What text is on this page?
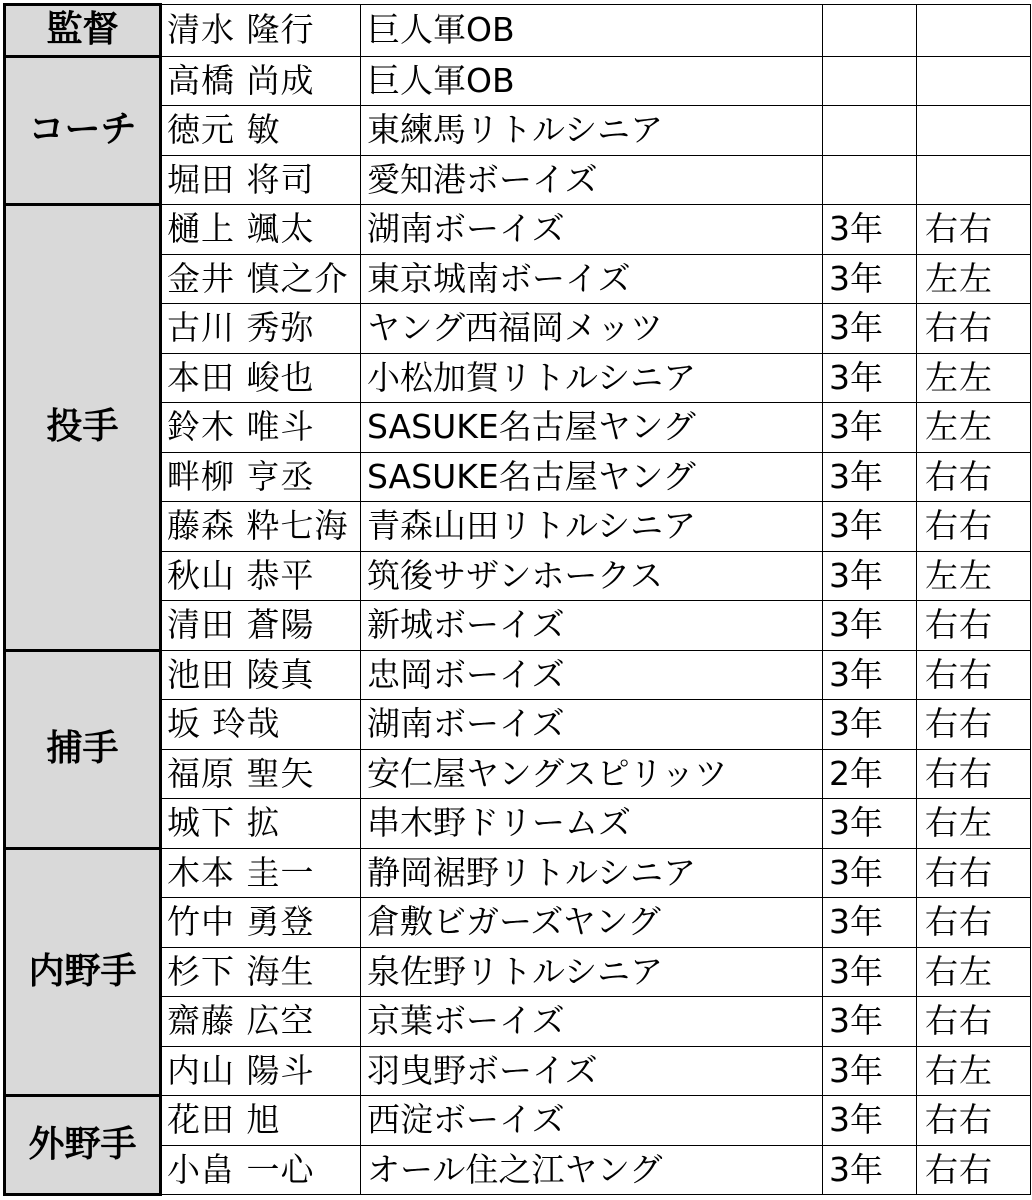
監督	清水 隆行	巨人軍OB		
コーチ	高橋 尚成	巨人軍OB		
	徳元 敏	東練馬リトルシニア		
	堀田 将司	愛知港ボーイズ		
投手	樋上 颯太	湖南ボーイズ	3年	右右
	金井 慎之介	東京城南ボーイズ	3年	左左
	古川 秀弥	ヤング西福岡メッツ	3年	右右
	本田 峻也	小松加賀リトルシニア	3年	左左
	鈴木 唯斗	SASUKE名古屋ヤング	3年	左左
	畔柳 亨丞	SASUKE名古屋ヤング	3年	右右
	藤森 粋七海	青森山田リトルシニア	3年	右右
	秋山 恭平	筑後サザンホークス	3年	左左
	清田 蒼陽	新城ボーイズ	3年	右右
捕手	池田 陵真	忠岡ボーイズ	3年	右右
	坂 玲哉	湖南ボーイズ	3年	右右
	福原 聖矢	安仁屋ヤングスピリッツ	2年	右右
	城下 拡	串木野ドリームズ	3年	右左
内野手	木本 圭一	静岡裾野リトルシニア	3年	右右
	竹中 勇登	倉敷ビガーズヤング	3年	右右
	杉下 海生	泉佐野リトルシニア	3年	右左
	齋藤 広空	京葉ボーイズ	3年	右右
	内山 陽斗	羽曳野ボーイズ	3年	右左
外野手	花田 旭	西淀ボーイズ	3年	右右
	小畠 一心	オール住之江ヤング	3年	右右
